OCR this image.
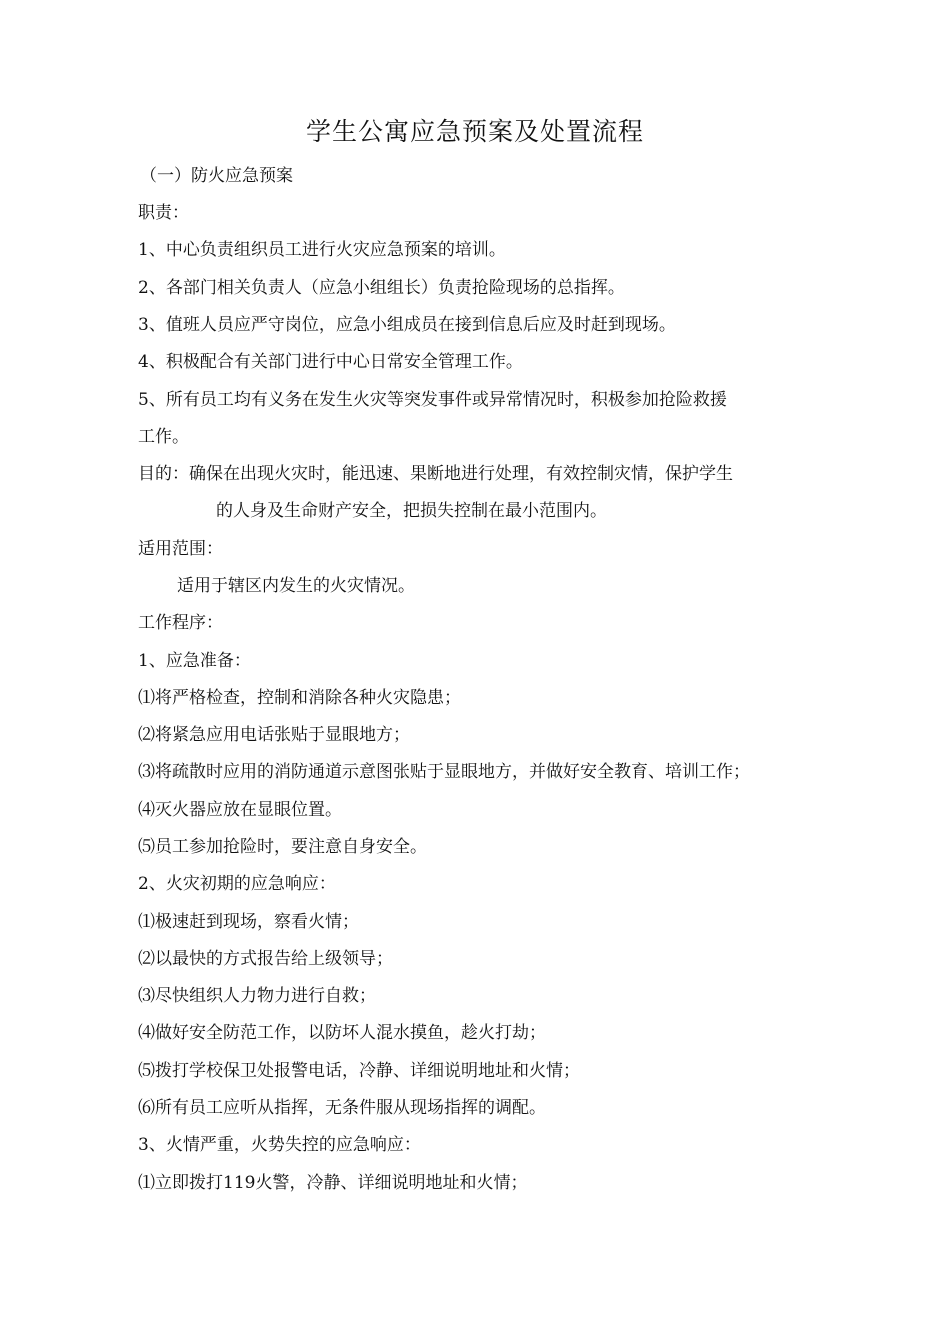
学生公寓应急预案及处置流程
（一）防火应急预案
职责：
1、中心负责组织员工进行火灾应急预案的培训。
2、各部门相关负责人（应急小组组长）负责抢险现场的总指挥。
3、值班人员应严守岗位，应急小组成员在接到信息后应及时赶到现场。
4、积极配合有关部门进行中心日常安全管理工作。
5、所有员工均有义务在发生火灾等突发事件或异常情况时，积极参加抢险救援
工作。
目的：确保在出现火灾时，能迅速、果断地进行处理，有效控制灾情，保护学生
的人身及生命财产安全，把损失控制在最小范围内。
适用范围：
适用于辖区内发生的火灾情况。
工作程序：
1、应急准备：
⑴将严格检查，控制和消除各种火灾隐患；
⑵将紧急应用电话张贴于显眼地方；
⑶将疏散时应用的消防通道示意图张贴于显眼地方，并做好安全教育、培训工作；
⑷灭火器应放在显眼位置。
⑸员工参加抢险时，要注意自身安全。
2、火灾初期的应急响应：
⑴极速赶到现场，察看火情；
⑵以最快的方式报告给上级领导；
⑶尽快组织人力物力进行自救；
⑷做好安全防范工作，以防坏人混水摸鱼，趁火打劫；
⑸拨打学校保卫处报警电话，冷静、详细说明地址和火情；
⑹所有员工应听从指挥，无条件服从现场指挥的调配。
3、火情严重，火势失控的应急响应：
⑴立即拨打119火警，冷静、详细说明地址和火情；
